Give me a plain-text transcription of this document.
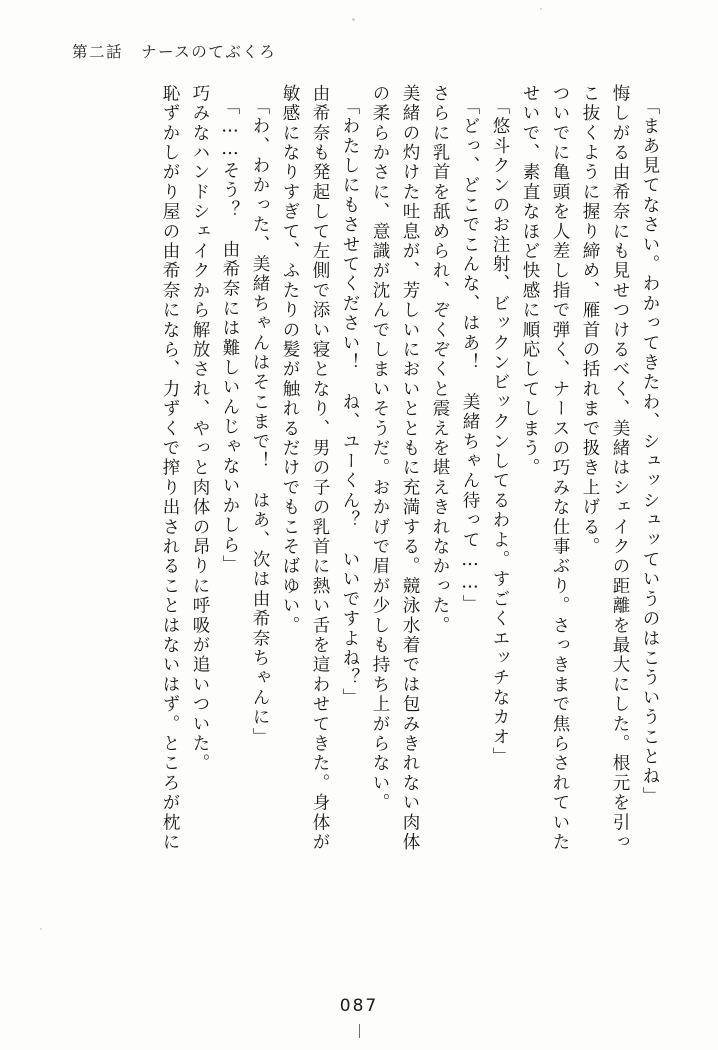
第二話 ナースのてぶくろ
「まあ見てなさい。わかってきたわ、シュッシュッていうのはこういうことね」
悔しがる由希奈にも見せつけるべく、美緒はシェイクの距離を最大にした。根元を引っ
こ抜くように握り締め、雁首の括れまで扱き上げる。
ついでに亀頭を人差し指で弾く、ナースの巧みな仕事ぶり。さっきまで焦らされていた
せいで、素直なほど快感に順応してしまう。
「悠斗クンのお注射、ビックンビックンしてるわよ。すごくエッチなカオ」
「どっ、どこでこんな、はあ！　美緒ちゃん待って……」
さらに乳首を舐められ、ぞくぞくと震えを堪えきれなかった。
美緒の灼けた吐息が、芳しいにおいとともに充満する。競泳水着では包みきれない肉体
の柔らかさに、意識が沈んでしまいそうだ。おかげで眉が少しも持ち上がらない。
「わたしにもさせてください！　ね、ユーくん？　いいですよね？」
由希奈も発起して左側で添い寝となり、男の子の乳首に熱い舌を這わせてきた。身体が
敏感になりすぎて、ふたりの髪が触れるだけでもこそばゆい。
「わ、わかった、美緒ちゃんはそこまで！　はあ、次は由希奈ちゃんに」
「……そう？　由希奈には難しいんじゃないかしら」
巧みなハンドシェイクから解放され、やっと肉体の昂りに呼吸が追いついた。
恥ずかしがり屋の由希奈になら、力ずくで搾り出されることはないはず。ところが枕に
087
